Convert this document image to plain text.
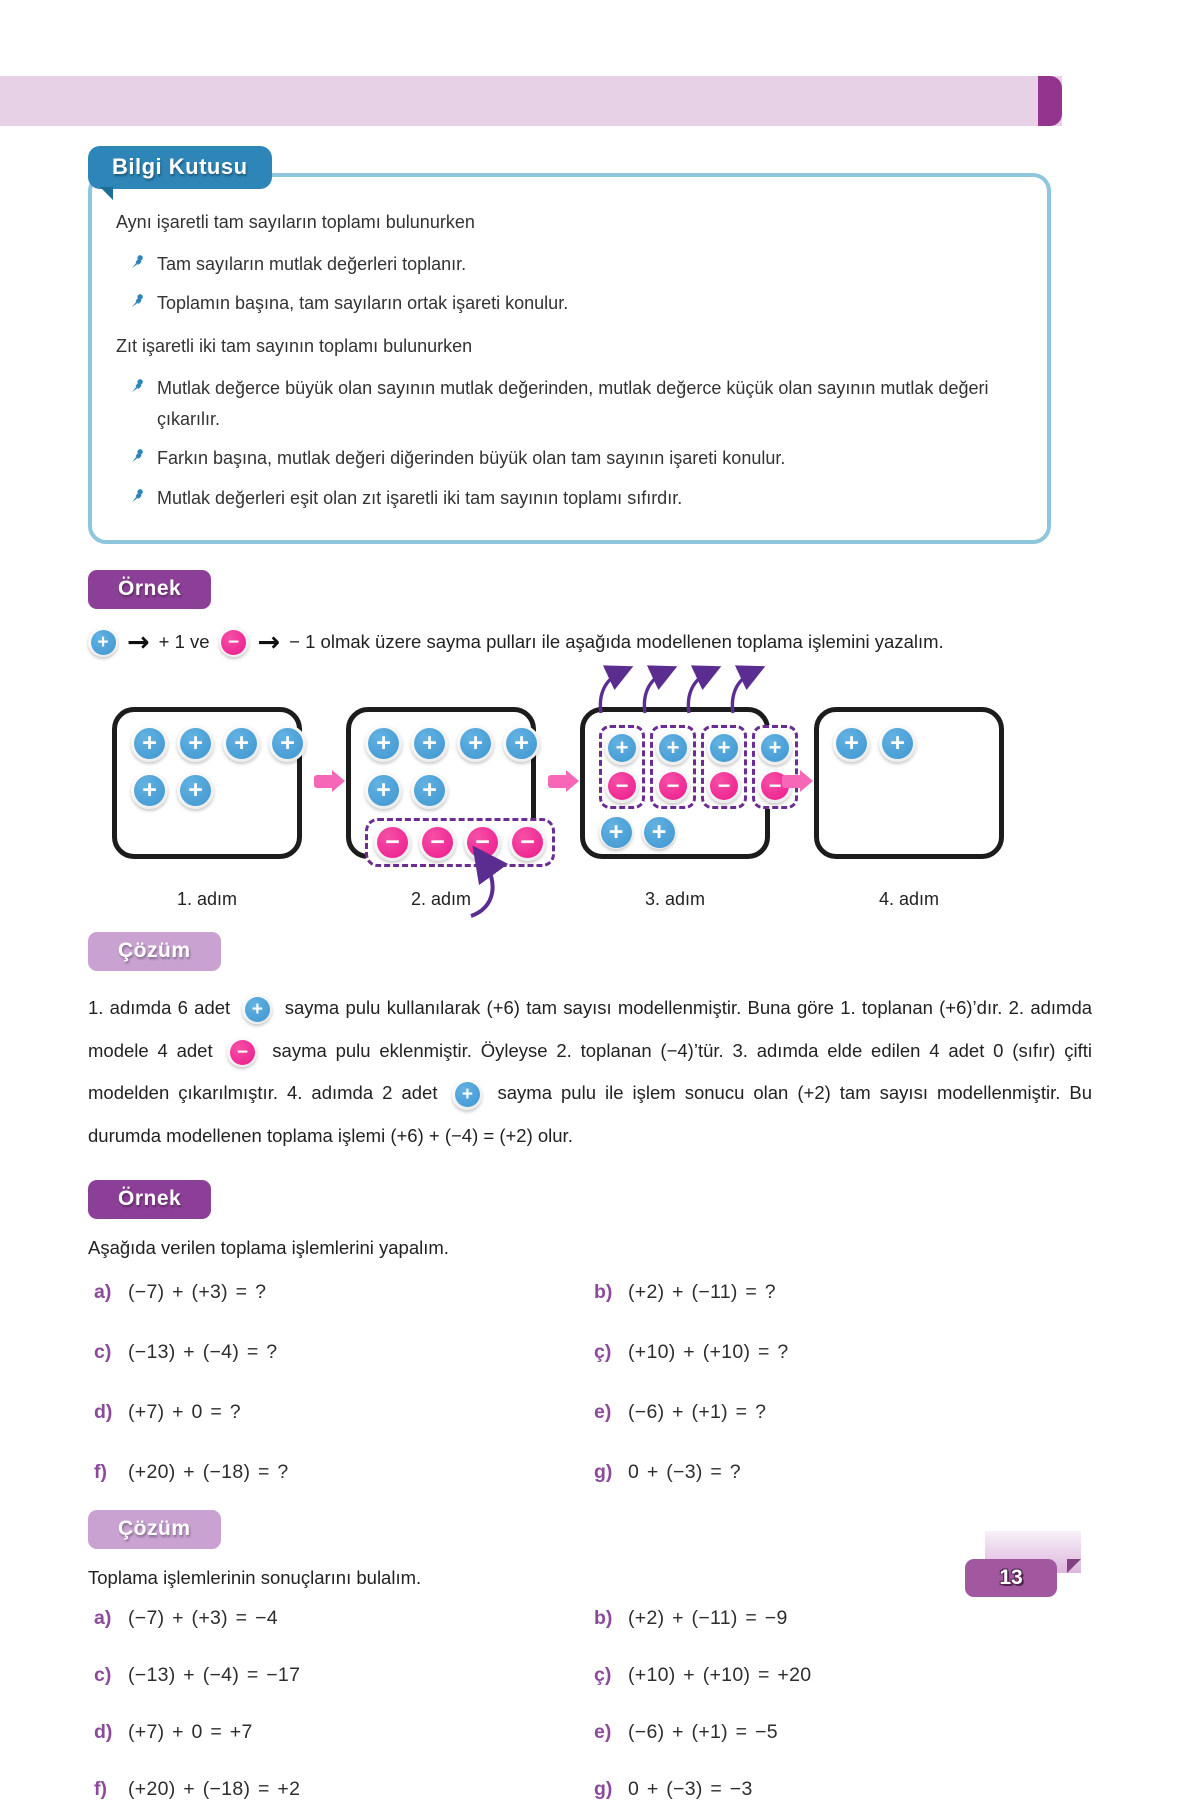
Bilgi Kutusu

Aynı işaretli tam sayıların toplamı bulunurken

Tam sayıların mutlak değerleri toplanır.
Toplamın başına, tam sayıların ortak işareti konulur.

Zıt işaretli iki tam sayının toplamı bulunurken

Mutlak değerce büyük olan sayının mutlak değerinden, mutlak değerce küçük olan sayının mutlak değeri çıkarılır.
Farkın başına, mutlak değeri diğerinden büyük olan tam sayının işareti konulur.
Mutlak değerleri eşit olan zıt işaretli iki tam sayının toplamı sıfırdır.
Örnek
+ → + 1 ve − → − 1 olmak üzere sayma pulları ile aşağıda modellenen toplama işlemini yazalım.
+	+	+	+
+	+
1. adım
+	+	+	+
+	+
−	−	−	−
2. adım
+
−
+
−
+
−
+
−
+	+
3. adım
+	+
4. adım
Çözüm

1. adımda 6 adet	+	sayma pulu kullanılarak (+6) tam sayısı modellenmiştir. Buna göre 1. toplanan (+6)’dır. 2. adımda modele 4 adet	−	sayma pulu eklenmiştir. Öyleyse 2. toplanan (−4)’tür. 3. adımda elde edilen 4 adet 0 (sıfır) çifti modelden çıkarılmıştır. 4. adımda 2 adet	+	sayma pulu ile işlem sonucu olan (+2) tam sayısı modellenmiştir. Bu durumda modellenen toplama işlemi (+6) + (−4) = (+2) olur.

Örnek

Aşağıda verilen toplama işlemlerini yapalım.

a) (−7) + (+3) = ?	b) (+2) + (−11) = ?
c) (−13) + (−4) = ?	ç) (+10) + (+10) = ?
d) (+7) + 0 = ?	e) (−6) + (+1) = ?
f)	(+20) + (−18) = ?	g) 0 + (−3) = ?
Çözüm

Toplama işlemlerinin sonuçlarını bulalım.

a) (−7) + (+3) = −4	b) (+2) + (−11) = −9
c) (−13) + (−4) = −17	ç) (+10) + (+10) = +20
d) (+7) + 0 = +7	e) (−6) + (+1) = −5
f)	(+20) + (−18) = +2	g) 0 + (−3) = −3
13
